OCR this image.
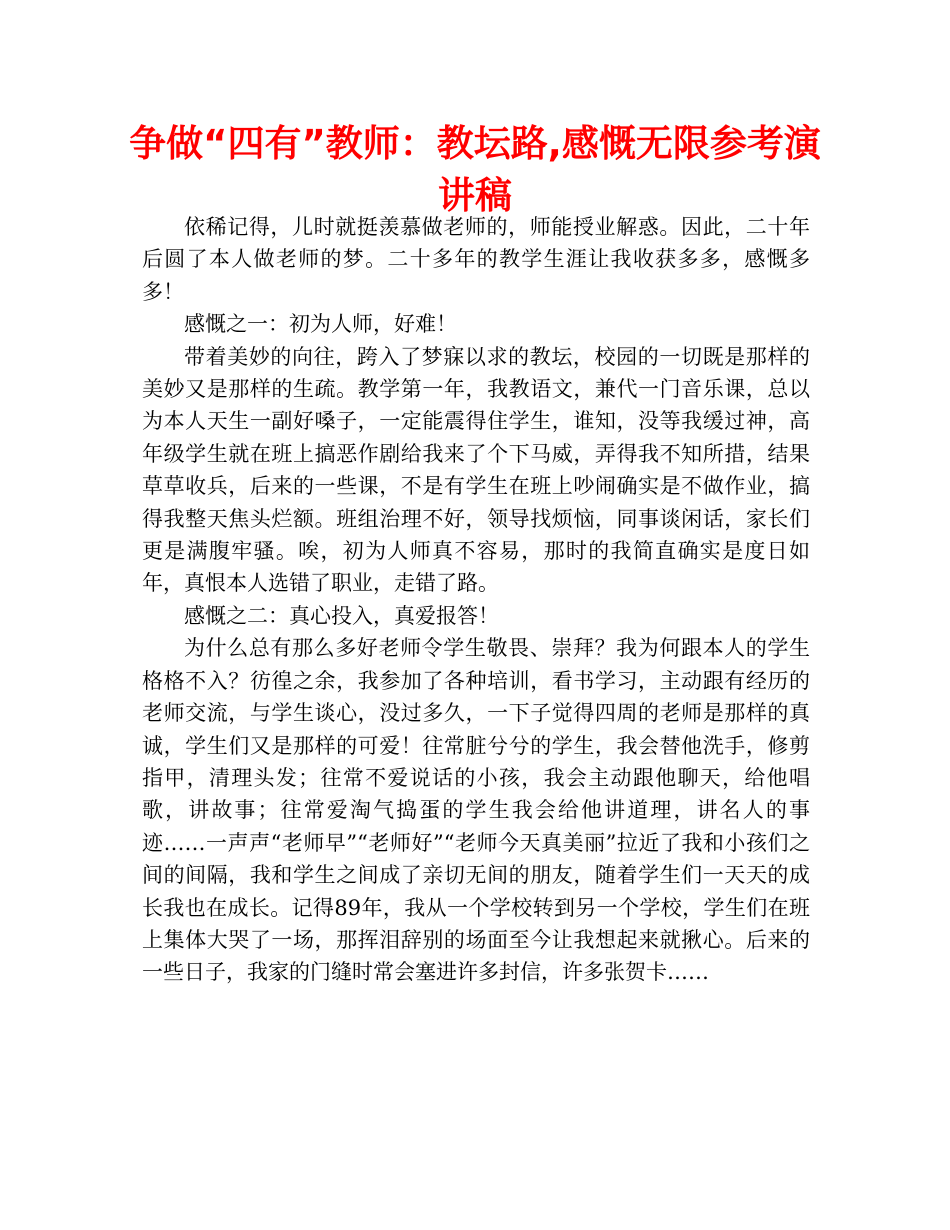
争做“四有”教师：教坛路,感慨无限参考演讲稿

依稀记得，儿时就挺羡慕做老师的，师能授业解惑。因此，二十年后圆了本人做老师的梦。二十多年的教学生涯让我收获多多，感慨多多！

感慨之一：初为人师，好难！

带着美妙的向往，跨入了梦寐以求的教坛，校园的一切既是那样的美妙又是那样的生疏。教学第一年，我教语文，兼代一门音乐课，总以为本人天生一副好嗓子，一定能震得住学生，谁知，没等我缓过神，高年级学生就在班上搞恶作剧给我来了个下马威，弄得我不知所措，结果草草收兵，后来的一些课，不是有学生在班上吵闹确实是不做作业，搞得我整天焦头烂额。班组治理不好，领导找烦恼，同事谈闲话，家长们更是满腹牢骚。唉，初为人师真不容易，那时的我简直确实是度日如年，真恨本人选错了职业，走错了路。

感慨之二：真心投入，真爱报答！

为什么总有那么多好老师令学生敬畏、崇拜？我为何跟本人的学生格格不入？彷徨之余，我参加了各种培训，看书学习，主动跟有经历的老师交流，与学生谈心，没过多久，一下子觉得四周的老师是那样的真诚，学生们又是那样的可爱！往常脏兮兮的学生，我会替他洗手，修剪指甲，清理头发；往常不爱说话的小孩，我会主动跟他聊天，给他唱歌，讲故事；往常爱淘气捣蛋的学生我会给他讲道理，讲名人的事迹……一声声“老师早”“老师好”“老师今天真美丽”拉近了我和小孩们之间的间隔，我和学生之间成了亲切无间的朋友，随着学生们一天天的成长我也在成长。记得89年，我从一个学校转到另一个学校，学生们在班上集体大哭了一场，那挥泪辞别的场面至今让我想起来就揪心。后来的一些日子，我家的门缝时常会塞进许多封信，许多张贺卡……
